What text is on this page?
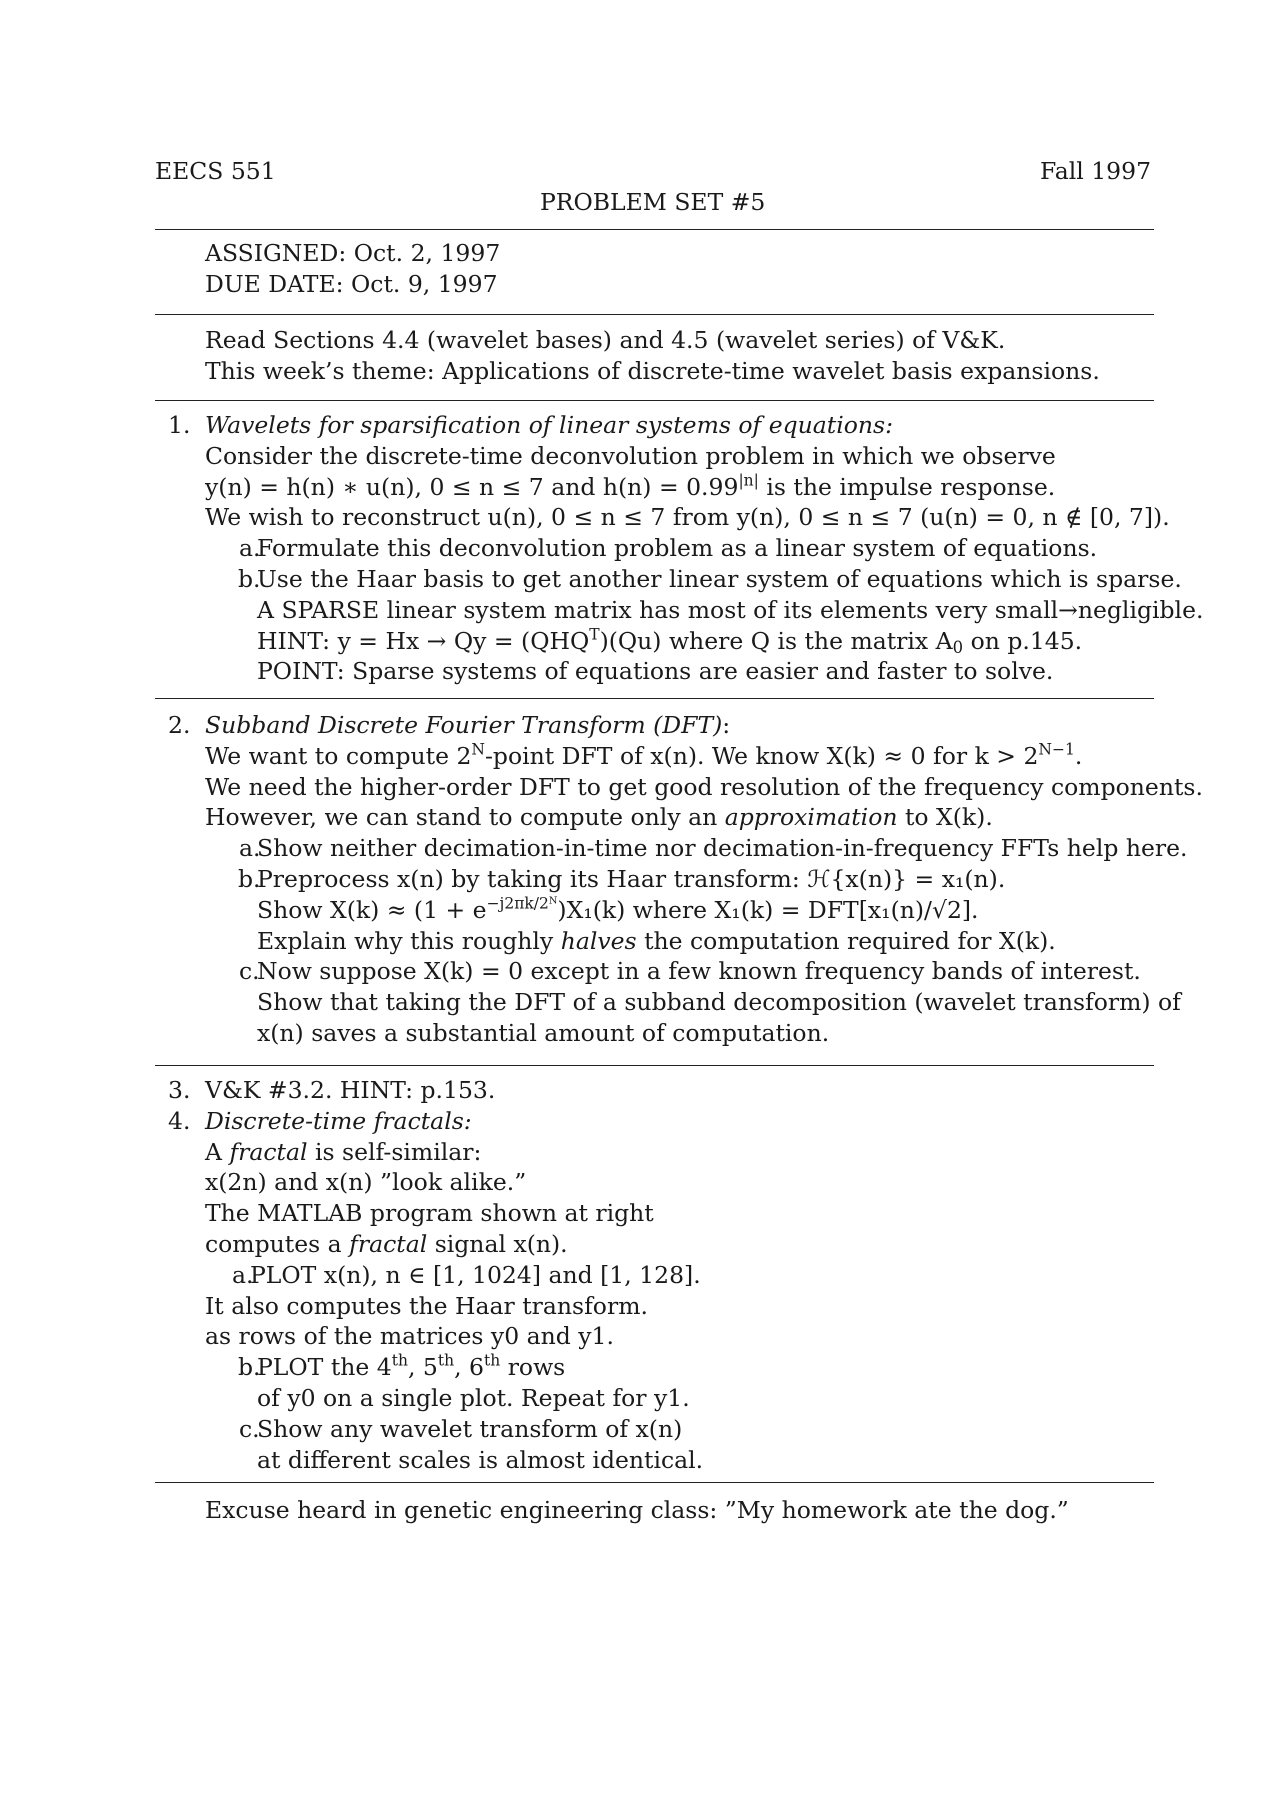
EECS 551	Fall 1997
PROBLEM SET #5
ASSIGNED: Oct. 2, 1997
DUE DATE: Oct. 9, 1997
Read Sections 4.4 (wavelet bases) and 4.5 (wavelet series) of V&K.
This week’s theme: Applications of discrete-time wavelet basis expansions.
1. Wavelets for sparsification of linear systems of equations:
Consider the discrete-time deconvolution problem in which we observe
y(n) = h(n) ∗ u(n), 0 ≤ n ≤ 7 and $h(n) = 0.99^{|n|}$ is the impulse response.
We wish to reconstruct u(n), 0 ≤ n ≤ 7 from y(n), 0 ≤ n ≤ 7 (u(n) = 0, n ∉ [0, 7]).
a.
Formulate this deconvolution problem as a linear system of equations.
b.
Use the Haar basis to get another linear system of equations which is sparse.
A SPARSE linear system matrix has most of its elements very small→negligible.
HINT: $y = Hx \to Qy = (QHQ^T)(Qu)$ where Q is the matrix $A_0$ on p.145.
POINT: Sparse systems of equations are easier and faster to solve.
2. Subband Discrete Fourier Transform (DFT):
We want to compute $2^N$-point DFT of x(n). We know X(k) ≈ 0 for $k > 2^{N-1}$.
We need the higher-order DFT to get good resolution of the frequency components.
However, we can stand to compute only an approximation to X(k).
a.
Show neither decimation-in-time nor decimation-in-frequency FFTs help here.
b.
Preprocess x(n) by taking its Haar transform: ℋ{x(n)} = x₁(n).
Show $X(k) \approx (1 + e^{-j2\pi k/2ᴺ})X_1(k)$ where X₁(k) = DFT[x₁(n)/√2].
Explain why this roughly halves the computation required for X(k).
c.
Now suppose X(k) = 0 except in a few known frequency bands of interest.
Show that taking the DFT of a subband decomposition (wavelet transform) of
x(n) saves a substantial amount of computation.
3. V&K #3.2. HINT: p.153.
4. Discrete-time fractals:
A fractal is self-similar:
x(2n) and x(n) ”look alike.”
The MATLAB program shown at right
computes a fractal signal x(n).
a.
PLOT x(n), n ∈ [1, 1024] and [1, 128].
It also computes the Haar transform.
as rows of the matrices y0 and y1.
b.
PLOT the 4th, 5th, 6th rows
of y0 on a single plot. Repeat for y1.
c.
Show any wavelet transform of x(n)
at different scales is almost identical.
Excuse heard in genetic engineering class: ”My homework ate the dog.”
